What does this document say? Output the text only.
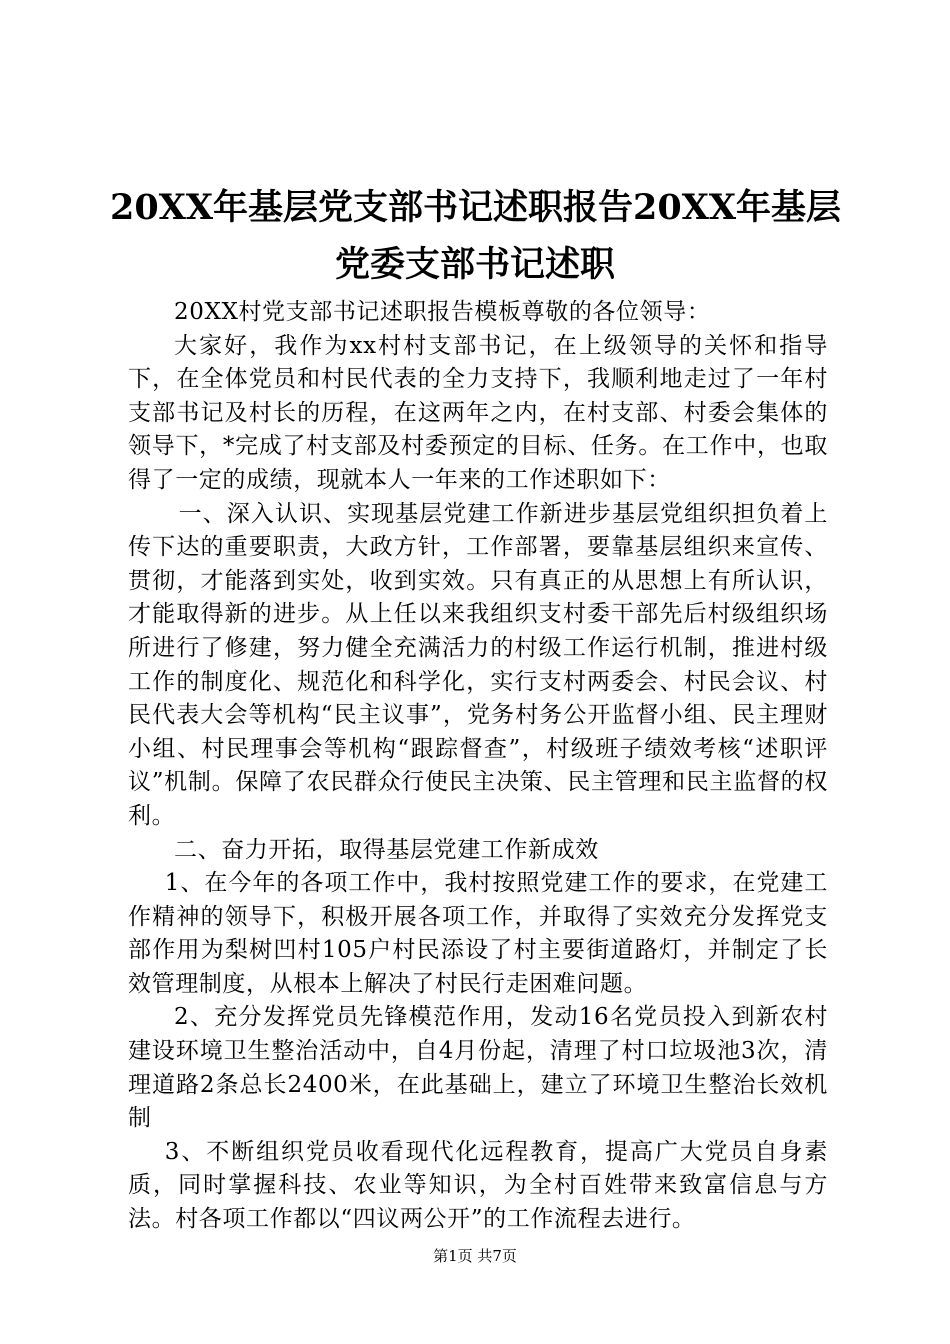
20XX年基层党支部书记述职报告20XX年基层
党委支部书记述职

20XX村党支部书记述职报告模板尊敬的各位领导：

大家好，我作为xx村村支部书记，在上级领导的关怀和指导下，在全体党员和村民代表的全力支持下，我顺利地走过了一年村支部书记及村长的历程，在这两年之内，在村支部、村委会集体的领导下，*完成了村支部及村委预定的目标、任务。在工作中，也取得了一定的成绩，现就本人一年来的工作述职如下：

一、深入认识、实现基层党建工作新进步基层党组织担负着上传下达的重要职责，大政方针，工作部署，要靠基层组织来宣传、贯彻，才能落到实处，收到实效。只有真正的从思想上有所认识，才能取得新的进步。从上任以来我组织支村委干部先后村级组织场所进行了修建，努力健全充满活力的村级工作运行机制，推进村级工作的制度化、规范化和科学化，实行支村两委会、村民会议、村民代表大会等机构“民主议事”，党务村务公开监督小组、民主理财小组、村民理事会等机构“跟踪督查”，村级班子绩效考核“述职评议”机制。保障了农民群众行使民主决策、民主管理和民主监督的权利。

二、奋力开拓，取得基层党建工作新成效

1、在今年的各项工作中，我村按照党建工作的要求，在党建工作精神的领导下，积极开展各项工作，并取得了实效充分发挥党支部作用为梨树凹村105户村民添设了村主要街道路灯，并制定了长效管理制度，从根本上解决了村民行走困难问题。

2、充分发挥党员先锋模范作用，发动16名党员投入到新农村建设环境卫生整治活动中，自4月份起，清理了村口垃圾池3次，清理道路2条总长2400米，在此基础上，建立了环境卫生整治长效机制

3、不断组织党员收看现代化远程教育，提高广大党员自身素质，同时掌握科技、农业等知识，为全村百姓带来致富信息与方法。村各项工作都以“四议两公开”的工作流程去进行。

第1页 共7页
